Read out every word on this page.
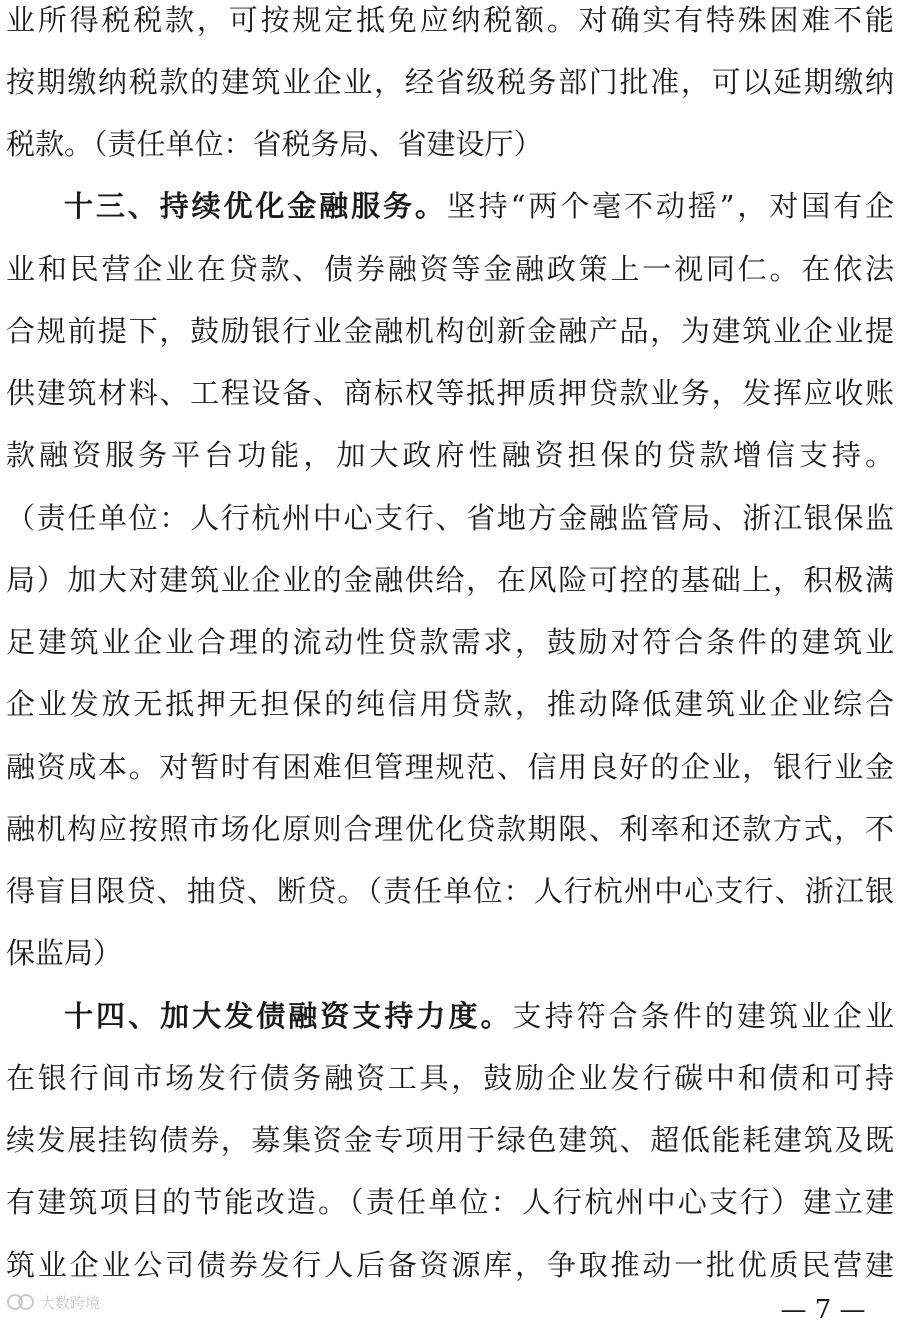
业所得税税款，可按规定抵免应纳税额。对确实有特殊困难不能
按期缴纳税款的建筑业企业，经省级税务部门批准，可以延期缴纳
税款。（责任单位：省税务局、省建设厅）
十三、持续优化金融服务。坚持“两个毫不动摇”，对国有企
业和民营企业在贷款、债券融资等金融政策上一视同仁。在依法
合规前提下，鼓励银行业金融机构创新金融产品，为建筑业企业提
供建筑材料、工程设备、商标权等抵押质押贷款业务，发挥应收账
款融资服务平台功能，加大政府性融资担保的贷款增信支持。
（责任单位：人行杭州中心支行、省地方金融监管局、浙江银保监
局）加大对建筑业企业的金融供给，在风险可控的基础上，积极满
足建筑业企业合理的流动性贷款需求，鼓励对符合条件的建筑业
企业发放无抵押无担保的纯信用贷款，推动降低建筑业企业综合
融资成本。对暂时有困难但管理规范、信用良好的企业，银行业金
融机构应按照市场化原则合理优化贷款期限、利率和还款方式，不
得盲目限贷、抽贷、断贷。（责任单位：人行杭州中心支行、浙江银
保监局）
十四、加大发债融资支持力度。支持符合条件的建筑业企业
在银行间市场发行债务融资工具，鼓励企业发行碳中和债和可持
续发展挂钩债券，募集资金专项用于绿色建筑、超低能耗建筑及既
有建筑项目的节能改造。（责任单位：人行杭州中心支行）建立建
筑业企业公司债券发行人后备资源库，争取推动一批优质民营建
大数跨境	— 7 —
